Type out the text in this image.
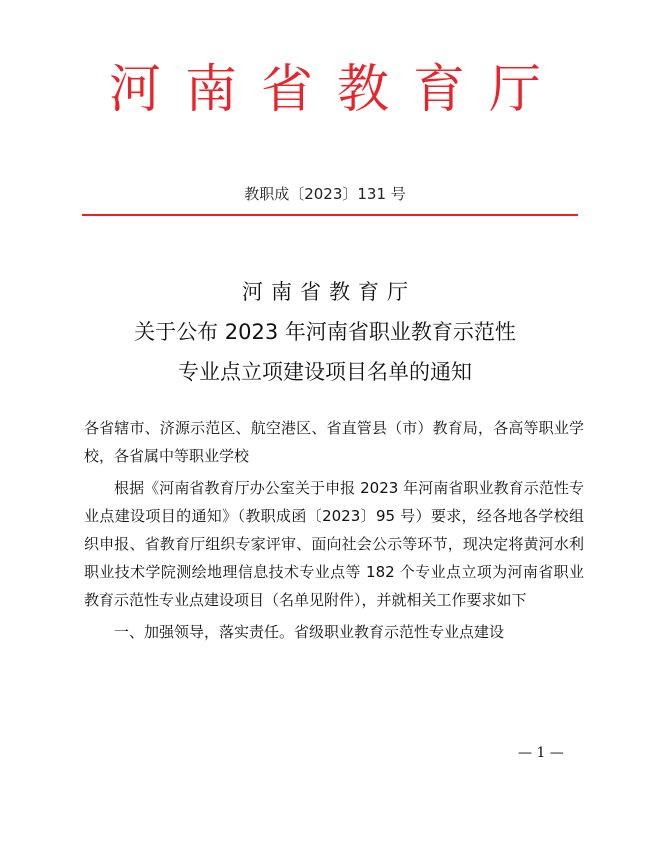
河南省教育厅
教职成〔2023〕131 号
河南省教育厅
关于公布 2023 年河南省职业教育示范性
专业点立项建设项目名单的通知

各省辖市、济源示范区、航空港区、省直管县（市）教育局，各高等职业学校，各省属中等职业学校

根据《河南省教育厅办公室关于申报 2023 年河南省职业教育示范性专业点建设项目的通知》（教职成函〔2023〕95 号）要求，经各地各学校组织申报、省教育厅组织专家评审、面向社会公示等环节，现决定将黄河水利职业技术学院测绘地理信息技术专业点等 182 个专业点立项为河南省职业教育示范性专业点建设项目（名单见附件），并就相关工作要求如下

一、加强领导，落实责任。省级职业教育示范性专业点建设

— 1 —
